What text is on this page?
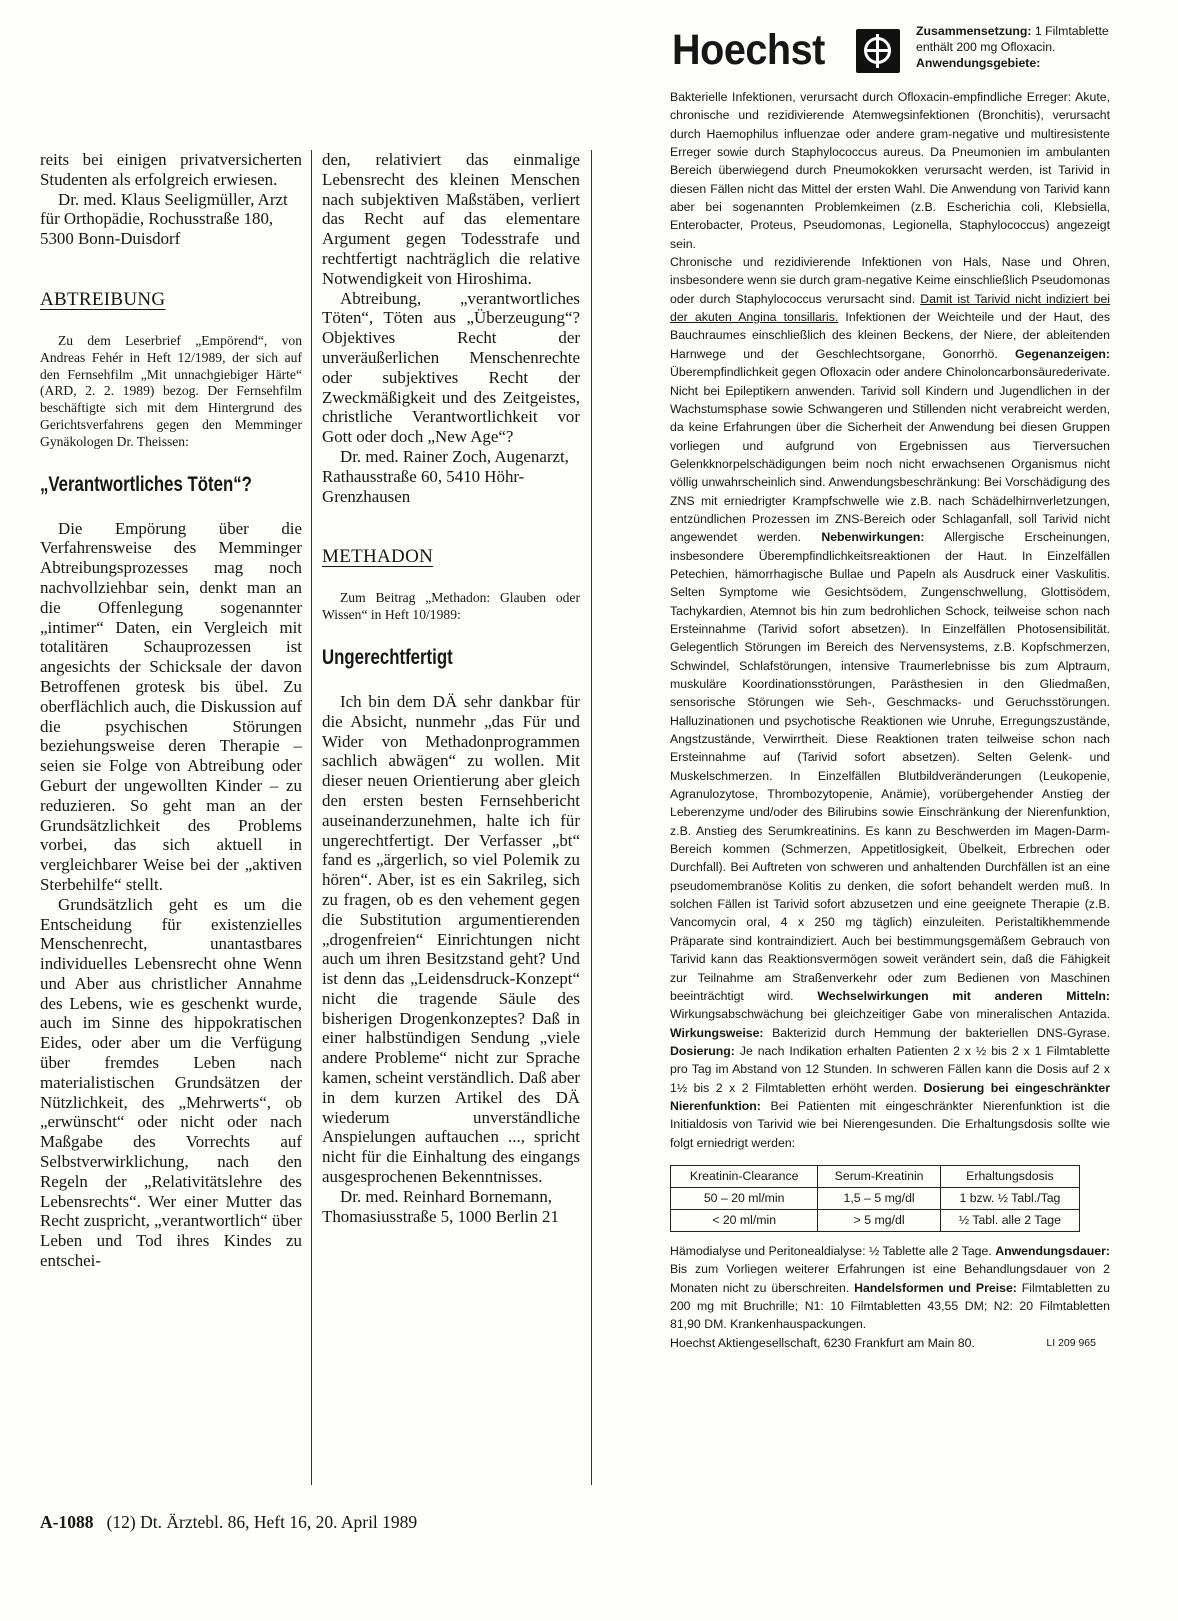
reits bei einigen privatversicherten Studenten als erfolgreich erwiesen.

Dr. med. Klaus Seeligmüller, Arzt für Orthopädie, Rochusstraße 180, 5300 Bonn-Duisdorf

ABTREIBUNG

Zu dem Leserbrief „Empörend“, von Andreas Fehér in Heft 12/1989, der sich auf den Fernsehfilm „Mit unnachgiebiger Härte“ (ARD, 2. 2. 1989) bezog. Der Fernsehfilm beschäftigte sich mit dem Hintergrund des Gerichtsverfahrens gegen den Memminger Gynäkologen Dr. Theissen:

„Verantwortliches Töten“?

Die Empörung über die Verfahrensweise des Memminger Abtreibungsprozesses mag noch nachvollziehbar sein, denkt man an die Offenlegung sogenannter „intimer“ Daten, ein Vergleich mit totalitären Schauprozessen ist angesichts der Schicksale der davon Betroffenen grotesk bis übel. Zu oberflächlich auch, die Diskussion auf die psychischen Störungen beziehungsweise deren Therapie – seien sie Folge von Abtreibung oder Geburt der ungewollten Kinder – zu reduzieren. So geht man an der Grundsätzlichkeit des Problems vorbei, das sich aktuell in vergleichbarer Weise bei der „aktiven Sterbehilfe“ stellt.

Grundsätzlich geht es um die Entscheidung für existenzielles Menschenrecht, unantastbares individuelles Lebensrecht ohne Wenn und Aber aus christlicher Annahme des Lebens, wie es geschenkt wurde, auch im Sinne des hippokratischen Eides, oder aber um die Verfügung über fremdes Leben nach materialistischen Grundsätzen der Nützlichkeit, des „Mehrwerts“, ob „erwünscht“ oder nicht oder nach Maßgabe des Vorrechts auf Selbstverwirklichung, nach den Regeln der „Relativitätslehre des Lebensrechts“. Wer einer Mutter das Recht zuspricht, „verantwortlich“ über Leben und Tod ihres Kindes zu entschei-

den, relativiert das einmalige Lebensrecht des kleinen Menschen nach subjektiven Maßstäben, verliert das Recht auf das elementare Argument gegen Todesstrafe und rechtfertigt nachträglich die relative Notwendigkeit von Hiroshima.

Abtreibung, „verantwortliches Töten“, Töten aus „Überzeugung“? Objektives Recht der unveräußerlichen Menschenrechte oder subjektives Recht der Zweckmäßigkeit und des Zeitgeistes, christliche Verantwortlichkeit vor Gott oder doch „New Age“?

Dr. med. Rainer Zoch, Augenarzt, Rathausstraße 60, 5410 Höhr-Grenzhausen

METHADON

Zum Beitrag „Methadon: Glauben oder Wissen“ in Heft 10/1989:

Ungerechtfertigt

Ich bin dem DÄ sehr dankbar für die Absicht, nunmehr „das Für und Wider von Methadonprogrammen sachlich abwägen“ zu wollen. Mit dieser neuen Orientierung aber gleich den ersten besten Fernsehbericht auseinanderzunehmen, halte ich für ungerechtfertigt. Der Verfasser „bt“ fand es „ärgerlich, so viel Polemik zu hören“. Aber, ist es ein Sakrileg, sich zu fragen, ob es den vehement gegen die Substitution argumentierenden „drogenfreien“ Einrichtungen nicht auch um ihren Besitzstand geht? Und ist denn das „Leidensdruck-Konzept“ nicht die tragende Säule des bisherigen Drogenkonzeptes? Daß in einer halbstündigen Sendung „viele andere Probleme“ nicht zur Sprache kamen, scheint verständlich. Daß aber in dem kurzen Artikel des DÄ wiederum unverständliche Anspielungen auftauchen ..., spricht nicht für die Einhaltung des eingangs ausgesprochenen Bekenntnisses.

Dr. med. Reinhard Bornemann, Thomasiusstraße 5, 1000 Berlin 21

Hoechst	Zusammensetzung: 1 Filmtablette enthält 200 mg Ofloxacin. Anwendungsgebiete:
Bakterielle Infektionen, verursacht durch Ofloxacin-empfindliche Erreger: Akute, chronische und rezidivierende Atemwegsinfektionen (Bronchitis), verursacht durch Haemophilus influenzae oder andere gram-negative und multiresistente Erreger sowie durch Staphylococcus aureus. Da Pneumonien im ambulanten Bereich überwiegend durch Pneumokokken verursacht werden, ist Tarivid in diesen Fällen nicht das Mittel der ersten Wahl. Die Anwendung von Tarivid kann aber bei sogenannten Problemkeimen (z.B. Escherichia coli, Klebsiella, Enterobacter, Proteus, Pseudomonas, Legionella, Staphylococcus) angezeigt sein.
Chronische und rezidivierende Infektionen von Hals, Nase und Ohren, insbesondere wenn sie durch gram-negative Keime einschließlich Pseudomonas oder durch Staphylococcus verursacht sind. Damit ist Tarivid nicht indiziert bei der akuten Angina tonsillaris. Infektionen der Weichteile und der Haut, des Bauchraumes einschließlich des kleinen Beckens, der Niere, der ableitenden Harnwege und der Geschlechtsorgane, Gonorrhö. Gegenanzeigen: Überempfindlichkeit gegen Ofloxacin oder andere Chinoloncarbonsäurederivate. Nicht bei Epileptikern anwenden. Tarivid soll Kindern und Jugendlichen in der Wachstumsphase sowie Schwangeren und Stillenden nicht verabreicht werden, da keine Erfahrungen über die Sicherheit der Anwendung bei diesen Gruppen vorliegen und aufgrund von Ergebnissen aus Tierversuchen Gelenkknorpelschädigungen beim noch nicht erwachsenen Organismus nicht völlig unwahrscheinlich sind. Anwendungsbeschränkung: Bei Vorschädigung des ZNS mit erniedrigter Krampfschwelle wie z.B. nach Schädelhirnverletzungen, entzündlichen Prozessen im ZNS-Bereich oder Schlaganfall, soll Tarivid nicht angewendet werden. Nebenwirkungen: Allergische Erscheinungen, insbesondere Überempfindlichkeitsreaktionen der Haut. In Einzelfällen Petechien, hämorrhagische Bullae und Papeln als Ausdruck einer Vaskulitis. Selten Symptome wie Gesichtsödem, Zungenschwellung, Glottisödem, Tachykardien, Atemnot bis hin zum bedrohlichen Schock, teilweise schon nach Ersteinnahme (Tarivid sofort absetzen). In Einzelfällen Photosensibilität. Gelegentlich Störungen im Bereich des Nervensystems, z.B. Kopfschmerzen, Schwindel, Schlafstörungen, intensive Traumerlebnisse bis zum Alptraum, muskuläre Koordinationsstörungen, Parästhesien in den Gliedmaßen, sensorische Störungen wie Seh-, Geschmacks- und Geruchsstörungen. Halluzinationen und psychotische Reaktionen wie Unruhe, Erregungszustände, Angstzustände, Verwirrtheit. Diese Reaktionen traten teilweise schon nach Ersteinnahme auf (Tarivid sofort absetzen). Selten Gelenk- und Muskelschmerzen. In Einzelfällen Blutbildveränderungen (Leukopenie, Agranulozytose, Thrombozytopenie, Anämie), vorübergehender Anstieg der Leberenzyme und/oder des Bilirubins sowie Einschränkung der Nierenfunktion, z.B. Anstieg des Serumkreatinins. Es kann zu Beschwerden im Magen-Darm-Bereich kommen (Schmerzen, Appetitlosigkeit, Übelkeit, Erbrechen oder Durchfall). Bei Auftreten von schweren und anhaltenden Durchfällen ist an eine pseudomembranöse Kolitis zu denken, die sofort behandelt werden muß. In solchen Fällen ist Tarivid sofort abzusetzen und eine geeignete Therapie (z.B. Vancomycin oral, 4 x 250 mg täglich) einzuleiten. Peristaltikhemmende Präparate sind kontraindiziert. Auch bei bestimmungsgemäßem Gebrauch von Tarivid kann das Reaktionsvermögen soweit verändert sein, daß die Fähigkeit zur Teilnahme am Straßenverkehr oder zum Bedienen von Maschinen beeinträchtigt wird. Wechselwirkungen mit anderen Mitteln: Wirkungsabschwächung bei gleichzeitiger Gabe von mineralischen Antazida. Wirkungsweise: Bakterizid durch Hemmung der bakteriellen DNS-Gyrase. Dosierung: Je nach Indikation erhalten Patienten 2 x ½ bis 2 x 1 Filmtablette pro Tag im Abstand von 12 Stunden. In schweren Fällen kann die Dosis auf 2 x 1½ bis 2 x 2 Filmtabletten erhöht werden. Dosierung bei eingeschränkter Nierenfunktion: Bei Patienten mit eingeschränkter Nierenfunktion ist die Initialdosis von Tarivid wie bei Nierengesunden. Die Erhaltungsdosis sollte wie folgt erniedrigt werden:
Kreatinin-Clearance	Serum-Kreatinin	Erhaltungsdosis
50 – 20 ml/min	1,5 – 5 mg/dl	1 bzw. ½ Tabl./Tag
< 20 ml/min	> 5 mg/dl	½ Tabl. alle 2 Tage
Hämodialyse und Peritonealdialyse: ½ Tablette alle 2 Tage. Anwendungsdauer: Bis zum Vorliegen weiterer Erfahrungen ist eine Behandlungsdauer von 2 Monaten nicht zu überschreiten. Handelsformen und Preise: Filmtabletten zu 200 mg mit Bruchrille; N1: 10 Filmtabletten 43,55 DM; N2: 20 Filmtabletten 81,90 DM. Krankenhauspackungen.
Hoechst Aktiengesellschaft, 6230 Frankfurt am Main 80.	LI 209 965
A-1088 (12) Dt. Ärztebl. 86, Heft 16, 20. April 1989
